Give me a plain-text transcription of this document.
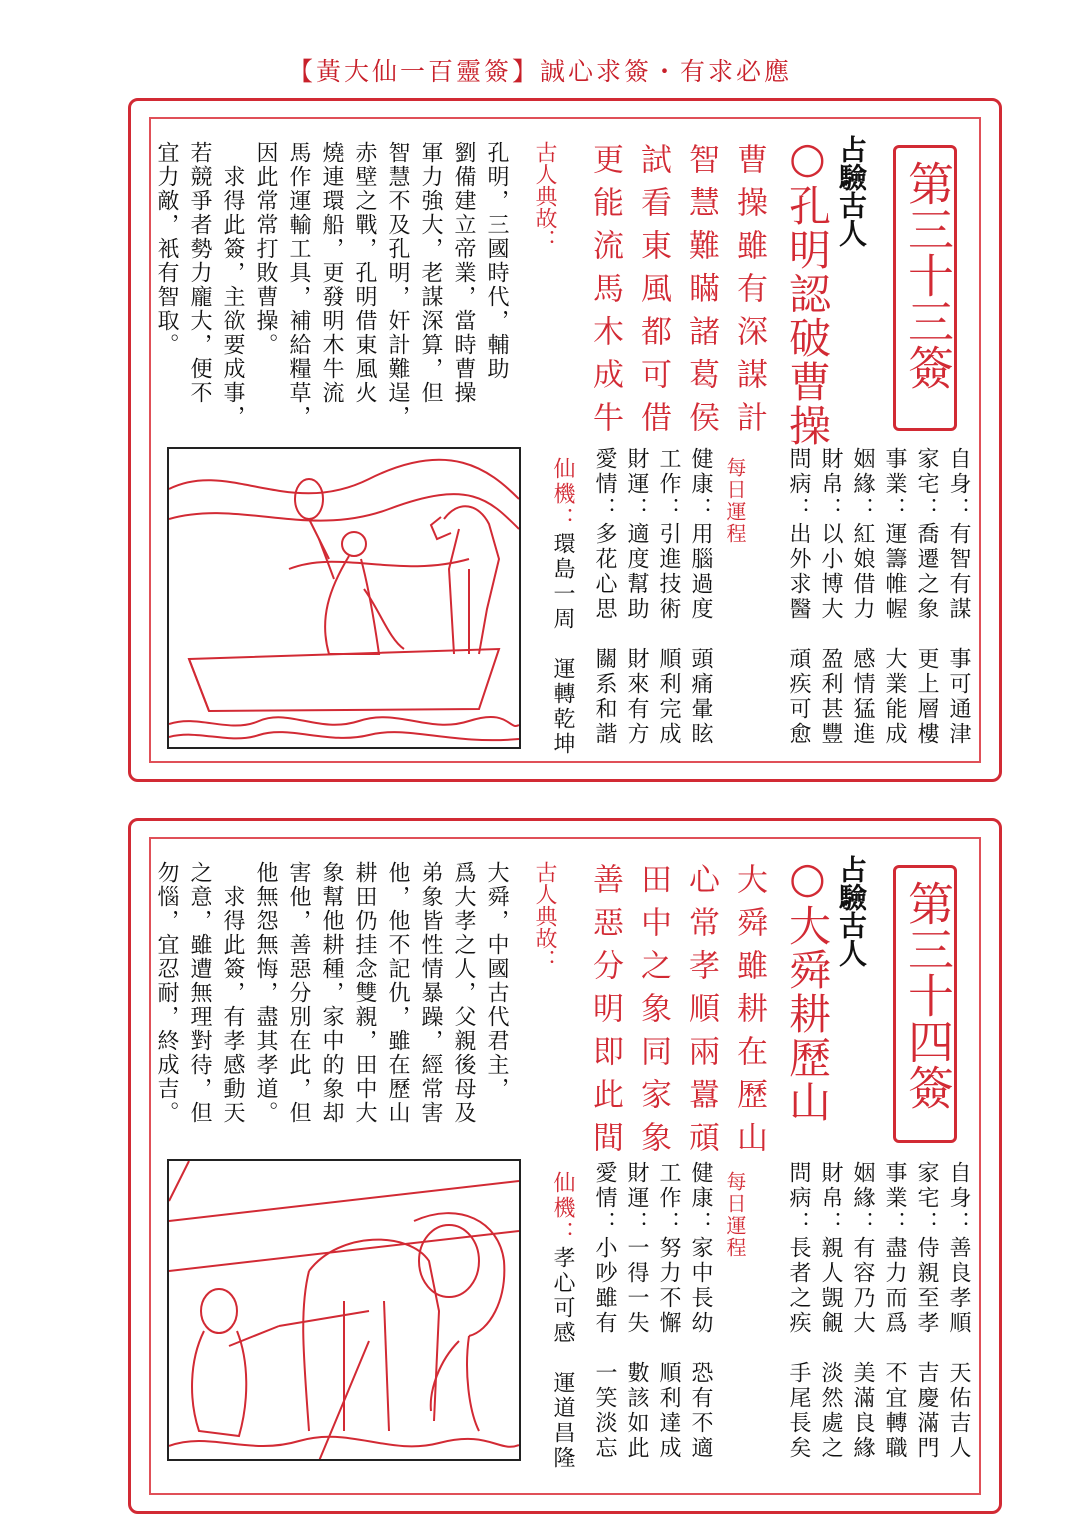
【黃大仙一百靈簽】誠心求簽・有求必應
第三十三簽
占驗古人
○孔明認破曹操
曹操雖有深謀計
智慧難瞞諸葛侯
試看東風都可借
更能流馬木成牛
古人典故：
孔明，三國時代，輔助
劉備建立帝業，當時曹操
軍力強大，老謀深算，但
智慧不及孔明，奸計難逞，
赤壁之戰，孔明借東風火
燒連環船，更發明木牛流
馬作運輸工具，補給糧草，
因此常常打敗曹操。
　求得此簽，主欲要成事，
若競爭者勢力龐大，便不
宜力敵，衹有智取。
自身：有智有謀　事可通津
家宅：喬遷之象　更上層樓
事業：運籌帷幄　大業能成
姻緣：紅娘借力　感情猛進
財帛：以小博大　盈利甚豐
問病：出外求醫　頑疾可愈
每日運程
健康：用腦過度　頭痛暈眩
工作：引進技術　順利完成
財運：適度幫助　財來有方
愛情：多花心思　關系和諧
仙機：環島一周　運轉乾坤
第三十四簽
占驗古人
○大舜耕歷山
大舜雖耕在歷山
心常孝順兩囂頑
田中之象同家象
善惡分明即此間
古人典故：
大舜，中國古代君主，
爲大孝之人，父親後母及
弟象皆性情暴躁，經常害
他，他不記仇，雖在歷山
耕田仍挂念雙親，田中大
象幫他耕種，家中的象却
害他，善惡分別在此，但
他無怨無悔，盡其孝道。
　求得此簽，有孝感動天
之意，雖遭無理對待，但
勿惱，宜忍耐，終成吉。
自身：善良孝順　天佑吉人
家宅：侍親至孝　吉慶滿門
事業：盡力而爲　不宜轉職
姻緣：有容乃大　美滿良緣
財帛：親人覬覦　淡然處之
問病：長者之疾　手尾長矣
每日運程
健康：家中長幼　恐有不適
工作：努力不懈　順利達成
財運：一得一失　數該如此
愛情：小吵雖有　一笑淡忘
仙機：孝心可感　運道昌隆
